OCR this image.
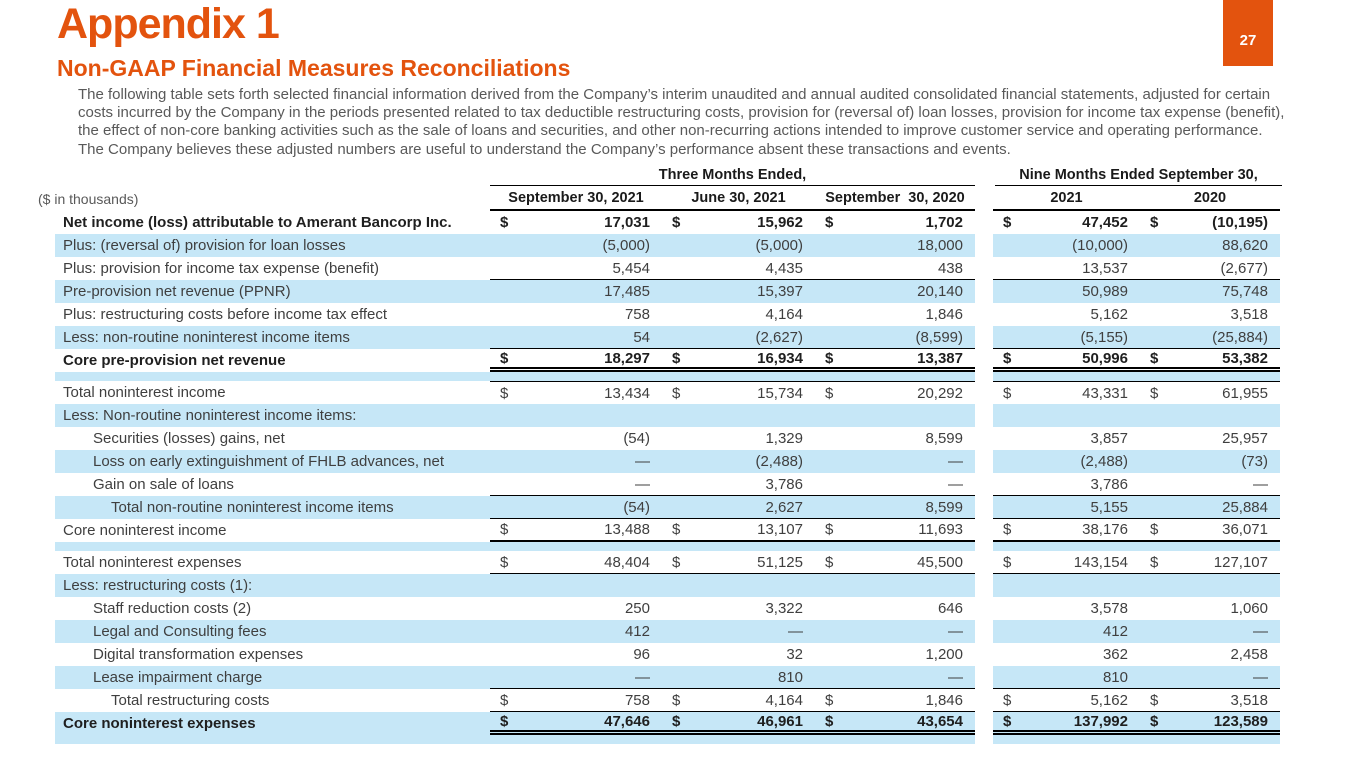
27
Appendix 1
Non-GAAP Financial Measures Reconciliations

The following table sets forth selected financial information derived from the Company’s interim unaudited and annual audited consolidated financial statements, adjusted for certain costs incurred by the Company in the periods presented related to tax deductible restructuring costs, provision for (reversal of) loan losses, provision for income tax expense (benefit), the effect of non-core banking activities such as the sale of loans and securities, and other non-recurring actions intended to improve customer service and operating performance. The Company believes these adjusted numbers are useful to understand the Company’s performance absent these transactions and events.

Three Months Ended,	Nine Months Ended September 30,
September 30, 2021	June 30, 2021	September  30, 2020	2021	2020
($ in thousands)
Net income (loss) attributable to Amerant Bancorp Inc.	$	17,031 $	15,962 $	1,702	$	47,452 $	(10,195)
Plus: (reversal of) provision for loan losses	(5,000)	(5,000)	18,000	(10,000)	88,620
Plus: provision for income tax expense (benefit)	5,454	4,435	438	13,537	(2,677)
Pre-provision net revenue (PPNR)	17,485	15,397	20,140	50,989	75,748
Plus: restructuring costs before income tax effect	758	4,164	1,846	5,162	3,518
Less: non-routine noninterest income items	54	(2,627)	(8,599)	(5,155)	(25,884)
Core pre-provision net revenue	$	18,297 $	16,934 $	13,387	$	50,996 $	53,382
Total noninterest income	$	13,434 $	15,734 $	20,292	$	43,331 $	61,955
Less: Non-routine noninterest income items:
Securities (losses) gains, net	(54)	1,329	8,599	3,857	25,957
Loss on early extinguishment of FHLB advances, net	—	(2,488)	—	(2,488)	(73)
Gain on sale of loans	—	3,786	—	3,786	—
Total non-routine noninterest income items	(54)	2,627	8,599	5,155	25,884
Core noninterest income	$	13,488 $	13,107 $	11,693	$	38,176 $	36,071
Total noninterest expenses	$	48,404 $	51,125 $	45,500	$	143,154 $	127,107
Less: restructuring costs (1):
Staff reduction costs (2)	250	3,322	646	3,578	1,060
Legal and Consulting fees	412	—	—	412	—
Digital transformation expenses	96	32	1,200	362	2,458
Lease impairment charge	—	810	—	810	—
Total restructuring costs	$	758 $	4,164 $	1,846	$	5,162 $	3,518
Core noninterest expenses	$	47,646 $	46,961 $	43,654	$	137,992 $	123,589
